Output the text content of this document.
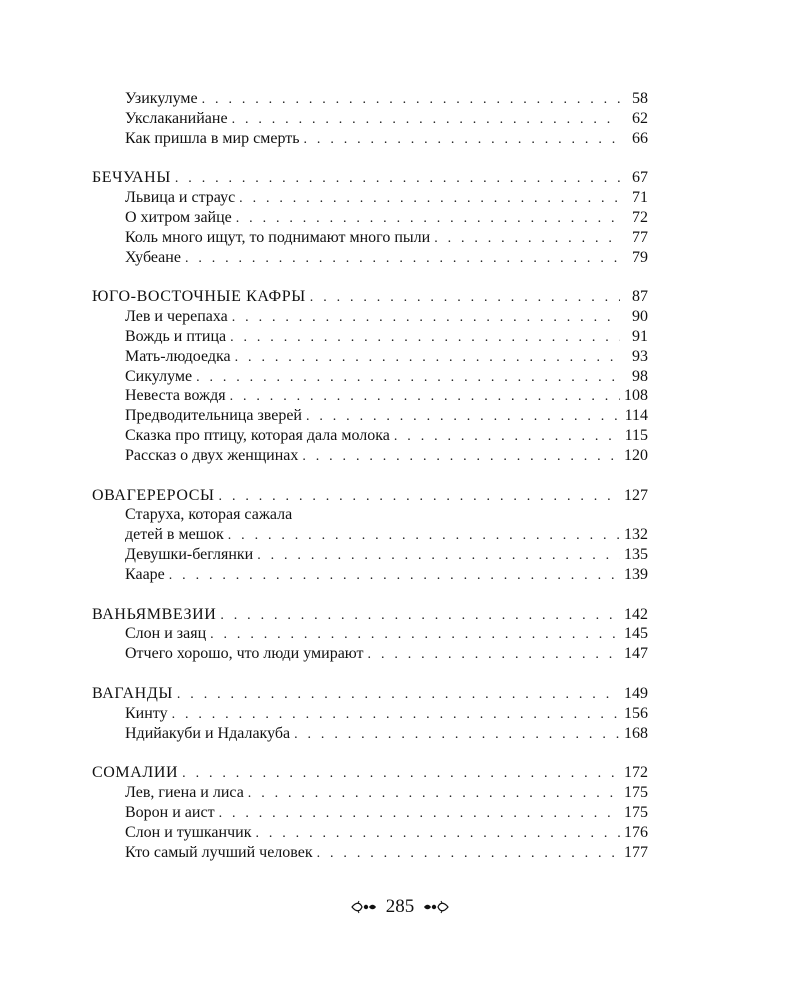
Узикулуме . . .	58
Укслаканийане . . .	62
Как пришла в мир смерть . . .	66
БЕЧУАНЫ . . .	67
Львица и страус . . .	71
О хитром зайце . . .	72
Коль много ищут, то поднимают много пыли . . .	77
Хубеане . . .	79
ЮГО-ВОСТОЧНЫЕ КАФРЫ . . .	87
Лев и черепаха . . .	90
Вождь и птица . . .	91
Мать-людоедка . . .	93
Сикулуме . . .	98
Невеста вождя . . .	108
Предводительница зверей . . .	114
Сказка про птицу, которая дала молока . . .	115
Рассказ о двух женщинах . . .	120
ОВАГЕРЕРОСЫ . . .	127
Старуха, которая сажала
детей в мешок . . .	132
Девушки-беглянки . . .	135
Кааре . . .	139
ВАНЬЯМВЕЗИИ . . .	142
Слон и заяц . . .	145
Отчего хорошо, что люди умирают . . .	147
ВАГАНДЫ . . .	149
Кинту . . .	156
Ндийакуби и Ндалакуба . . .	168
СОМАЛИИ . . .	172
Лев, гиена и лиса . . .	175
Ворон и аист . . .	175
Слон и тушканчик . . .	176
Кто самый лучший человек . . .	177
285
